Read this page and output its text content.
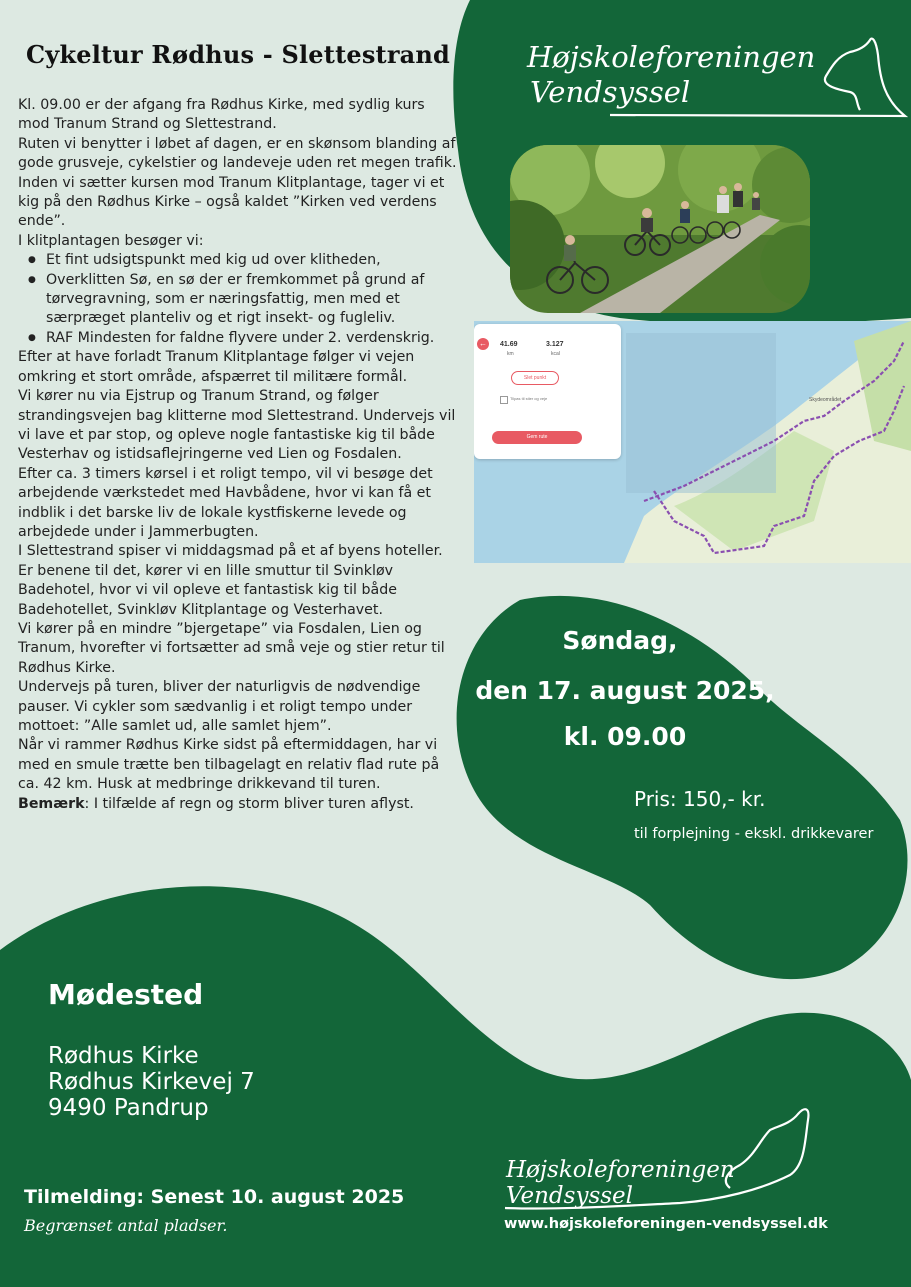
Cykeltur Rødhus - Slettestrand

Kl. 09.00 er der afgang fra Rødhus Kirke, med sydlig kurs mod Tranum Strand og Slettestrand.

Ruten vi benytter i løbet af dagen, er en skønsom blanding af gode grusveje, cykelstier og landeveje uden ret megen trafik.

Inden vi sætter kursen mod Tranum Klitplantage, tager vi et kig på den Rødhus Kirke – også kaldet ”Kirken ved verdens ende”.

I klitplantagen besøger vi:

● Et fint udsigtspunkt med kig ud over klitheden,
● Overklitten Sø, en sø der er fremkommet på grund af tørvegravning, som er næringsfattig, men med et særpræget planteliv og et rigt insekt- og fugleliv.
● RAF Mindesten for faldne flyvere under 2. verdenskrig.

Efter at have forladt Tranum Klitplantage følger vi vejen omkring et stort område, afspærret til militære formål.

Vi kører nu via Ejstrup og Tranum Strand, og følger strandingsvejen bag klitterne mod Slettestrand. Undervejs vil vi lave et par stop, og opleve nogle fantastiske kig til både Vesterhav og istidsaflejringerne ved Lien og Fosdalen.

Efter ca. 3 timers kørsel i et roligt tempo, vil vi besøge det arbejdende værkstedet med Havbådene, hvor vi kan få et indblik i det barske liv de lokale kystfiskerne levede og arbejdede under i Jammerbugten.

I Slettestrand spiser vi middagsmad på et af byens hoteller.

Er benene til det, kører vi en lille smuttur til Svinkløv Badehotel, hvor vi vil opleve et fantastisk kig til både Badehotellet, Svinkløv Klitplantage og Vesterhavet.

Vi kører på en mindre ”bjergetape” via Fosdalen, Lien og Tranum, hvorefter vi fortsætter ad små veje og stier retur til Rødhus Kirke.

Undervejs på turen, bliver der naturligvis de nødvendige pauser. Vi cykler som sædvanlig i et roligt tempo under mottoet: ”Alle samlet ud, alle samlet hjem”.

Når vi rammer Rødhus Kirke sidst på eftermiddagen, har vi med en smule trætte ben tilbagelagt en relativ flad rute på ca. 42 km. Husk at medbringe drikkevand til turen.

Bemærk: I tilfælde af regn og storm bliver turen aflyst.

Højskoleforeningen
Vendsyssel
Skydeområdet
← 41.69
km
3.127
kcal
Slet punkt
Tilpas til stier og veje
Gem rute
Søndag,
den 17. august 2025,
kl. 09.00
Pris: 150,- kr.
til forplejning - ekskl. drikkevarer
Mødested
Rødhus Kirke
Rødhus Kirkevej 7
9490 Pandrup
Tilmelding: Senest 10. august 2025
Begrænset antal pladser.
Højskoleforeningen
Vendsyssel
www.højskoleforeningen-vendsyssel.dk
